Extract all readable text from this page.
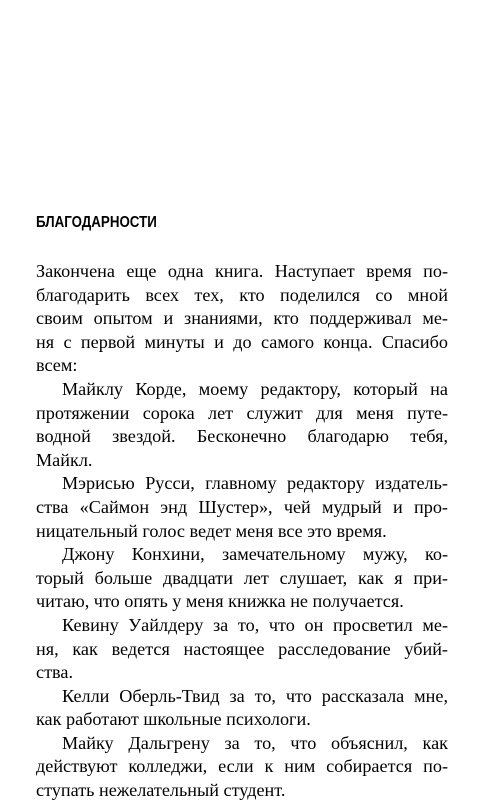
БЛАГОДАРНОСТИ
Закончена еще одна книга. Наступает время по-
благодарить всех тех, кто поделился со мной
своим опытом и знаниями, кто поддерживал ме-
ня с первой минуты и до самого конца. Спасибо
всем:
Майклу Корде, моему редактору, который на
протяжении сорока лет служит для меня путе-
водной звездой. Бесконечно благодарю тебя,
Майкл.
Мэрисью Русси, главному редактору издатель-
ства «Саймон энд Шустер», чей мудрый и про-
ницательный голос ведет меня все это время.
Джону Конхини, замечательному мужу, ко-
торый больше двадцати лет слушает, как я при-
читаю, что опять у меня книжка не получается.
Кевину Уайлдеру за то, что он просветил ме-
ня, как ведется настоящее расследование убий-
ства.
Келли Оберль-Твид за то, что рассказала мне,
как работают школьные психологи.
Майку Дальгрену за то, что объяснил, как
действуют колледжи, если к ним собирается по-
ступать нежелательный студент.
